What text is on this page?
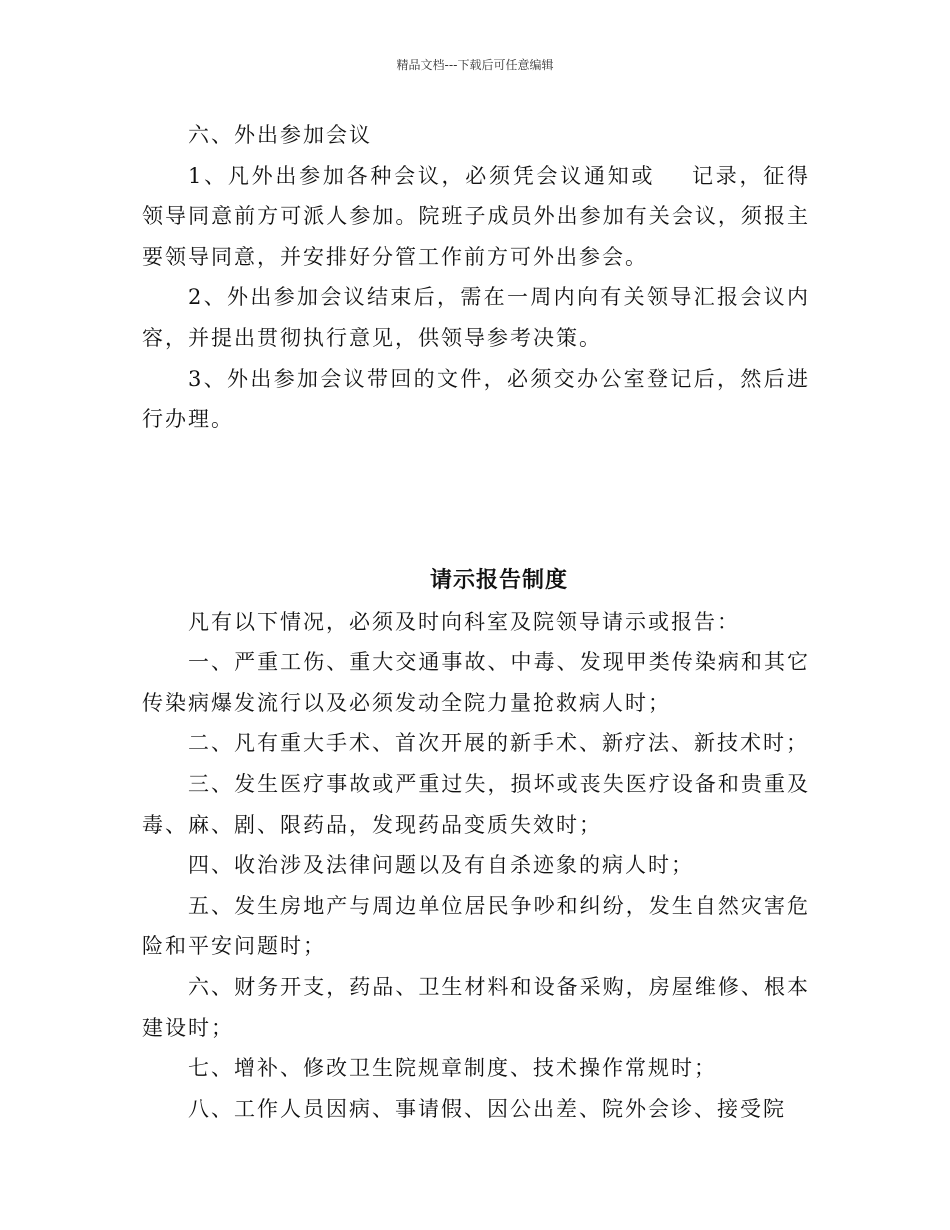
精品文档---下载后可任意编辑

六、外出参加会议

1、凡外出参加各种会议，必须凭会议通知或 记录，征得领导同意前方可派人参加。院班子成员外出参加有关会议，须报主要领导同意，并安排好分管工作前方可外出参会。

2、外出参加会议结束后，需在一周内向有关领导汇报会议内容，并提出贯彻执行意见，供领导参考决策。

3、外出参加会议带回的文件，必须交办公室登记后，然后进行办理。

请示报告制度

凡有以下情况，必须及时向科室及院领导请示或报告：

一、严重工伤、重大交通事故、中毒、发现甲类传染病和其它传染病爆发流行以及必须发动全院力量抢救病人时；

二、凡有重大手术、首次开展的新手术、新疗法、新技术时；

三、发生医疗事故或严重过失，损坏或丧失医疗设备和贵重及毒、麻、剧、限药品，发现药品变质失效时；

四、收治涉及法律问题以及有自杀迹象的病人时；

五、发生房地产与周边单位居民争吵和纠纷，发生自然灾害危险和平安问题时；

六、财务开支，药品、卫生材料和设备采购，房屋维修、根本建设时；

七、增补、修改卫生院规章制度、技术操作常规时；

八、工作人员因病、事请假、因公出差、院外会诊、接受院
